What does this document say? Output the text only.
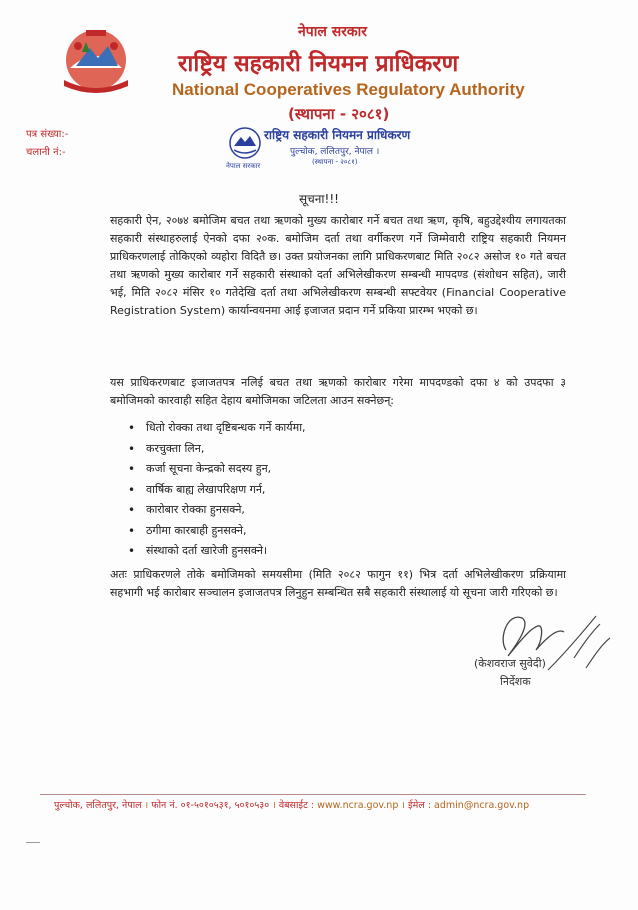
नेपाल सरकार
राष्ट्रिय सहकारी नियमन प्राधिकरण
National Cooperatives Regulatory Authority
(स्थापना - २०८१)
पत्र संख्या:-
चलानी नं:-
राष्ट्रिय सहकारी नियमन प्राधिकरण
पुल्चोक, ललितपुर, नेपाल ।
(स्थापना - २०८१)
नेपाल सरकार
सूचना!!!

सहकारी ऐन, २०७४ बमोजिम बचत तथा ऋणको मुख्य कारोबार गर्ने बचत तथा ऋण, कृषि, बहुउद्देश्यीय लगायतका सहकारी संस्थाहरुलाई ऐनको दफा २०क. बमोजिम दर्ता तथा वर्गीकरण गर्ने जिम्मेवारी राष्ट्रिय सहकारी नियमन प्राधिकरणलाई तोकिएको व्यहोरा विदितै छ। उक्त प्रयोजनका लागि प्राधिकरणबाट मिति २०८२ असोज १० गते बचत तथा ऋणको मुख्य कारोबार गर्ने सहकारी संस्थाको दर्ता अभिलेखीकरण सम्बन्धी मापदण्ड (संशोधन सहित), जारी भई, मिति २०८२ मंसिर १० गतेदेखि दर्ता तथा अभिलेखीकरण सम्बन्धी सफ्टवेयर (Financial Cooperative Registration System) कार्यान्वयनमा आई इजाजत प्रदान गर्ने प्रकिया प्रारम्भ भएको छ।

यस प्राधिकरणबाट इजाजतपत्र नलिई बचत तथा ऋणको कारोबार गरेमा मापदण्डको दफा ४ को उपदफा ३ बमोजिमको कारवाही सहित देहाय बमोजिमका जटिलता आउन सक्नेछन्:

• धितो रोक्का तथा दृष्टिबन्धक गर्ने कार्यमा,
• करचुक्ता लिन,
• कर्जा सूचना केन्द्रको सदस्य हुन,
• वार्षिक बाह्य लेखापरिक्षण गर्न,
• कारोबार रोक्का हुनसक्ने,
• ठगीमा कारबाही हुनसक्ने,
• संस्थाको दर्ता खारेजी हुनसक्ने।

अतः प्राधिकरणले तोके बमोजिमको समयसीमा (मिति २०८२ फागुन ११) भित्र दर्ता अभिलेखीकरण प्रक्रियामा सहभागी भई कारोबार सञ्चालन इजाजतपत्र लिनुहुन सम्बन्धित सबै सहकारी संस्थालाई यो सूचना जारी गरिएको छ।

(केशवराज सुवेदी)
निर्देशक
पुल्चोक, ललितपुर, नेपाल । फोन नं. ०१-५०१०५३१, ५०१०५३० । वेबसाईट : www.ncra.gov.np । ईमेल : admin@ncra.gov.np
